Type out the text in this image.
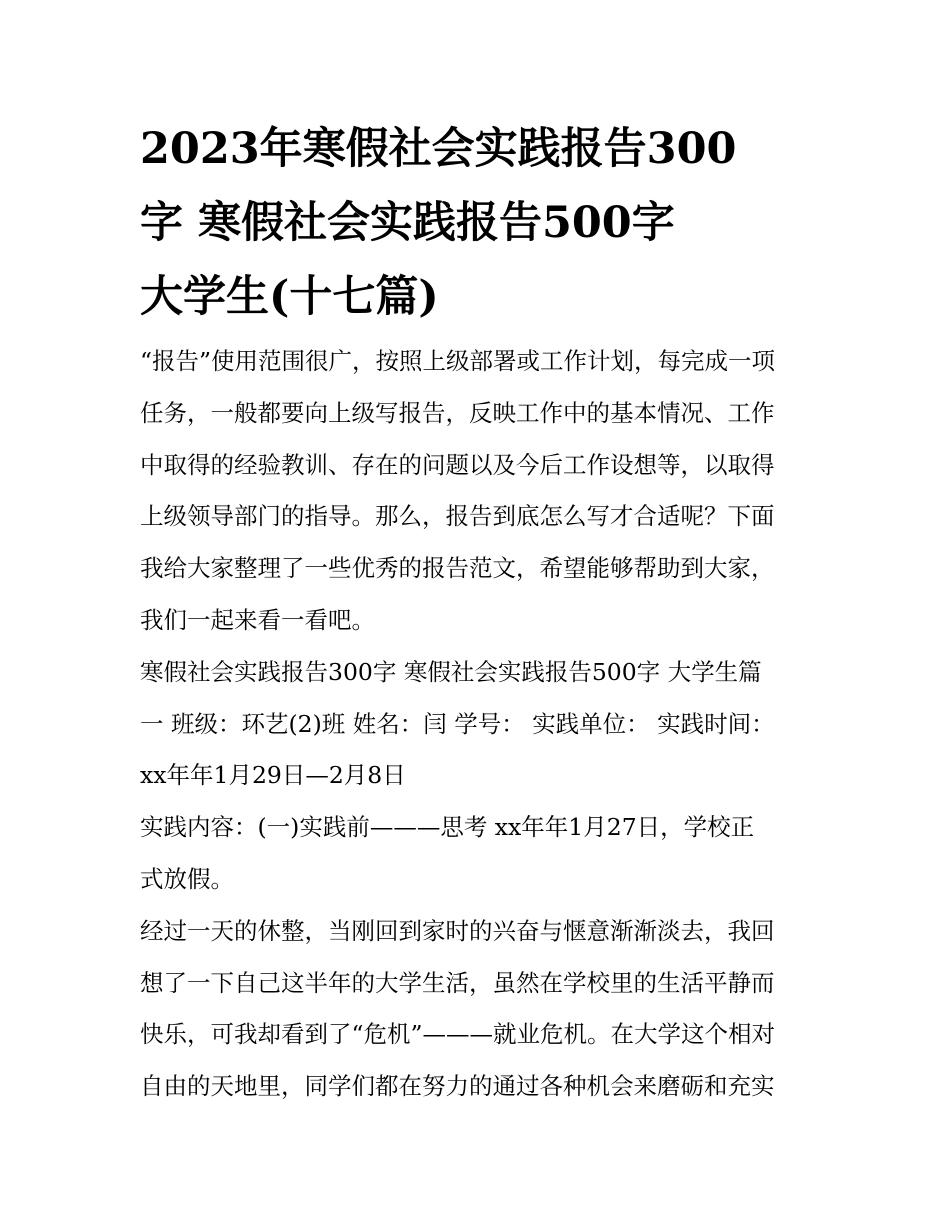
2023年寒假社会实践报告300
字 寒假社会实践报告500字
大学生(十七篇)
“报告”使用范围很广，按照上级部署或工作计划，每完成一项
任务，一般都要向上级写报告，反映工作中的基本情况、工作
中取得的经验教训、存在的问题以及今后工作设想等，以取得
上级领导部门的指导。那么，报告到底怎么写才合适呢？下面
我给大家整理了一些优秀的报告范文，希望能够帮助到大家，
我们一起来看一看吧。
寒假社会实践报告300字 寒假社会实践报告500字 大学生篇
一 班级：环艺(2)班 姓名：闫 学号： 实践单位： 实践时间：
xx年年1月29日—2月8日
实践内容：(一)实践前———思考 xx年年1月27日，学校正
式放假。
经过一天的休整，当刚回到家时的兴奋与惬意渐渐淡去，我回
想了一下自己这半年的大学生活，虽然在学校里的生活平静而
快乐，可我却看到了“危机”———就业危机。在大学这个相对
自由的天地里，同学们都在努力的通过各种机会来磨砺和充实
